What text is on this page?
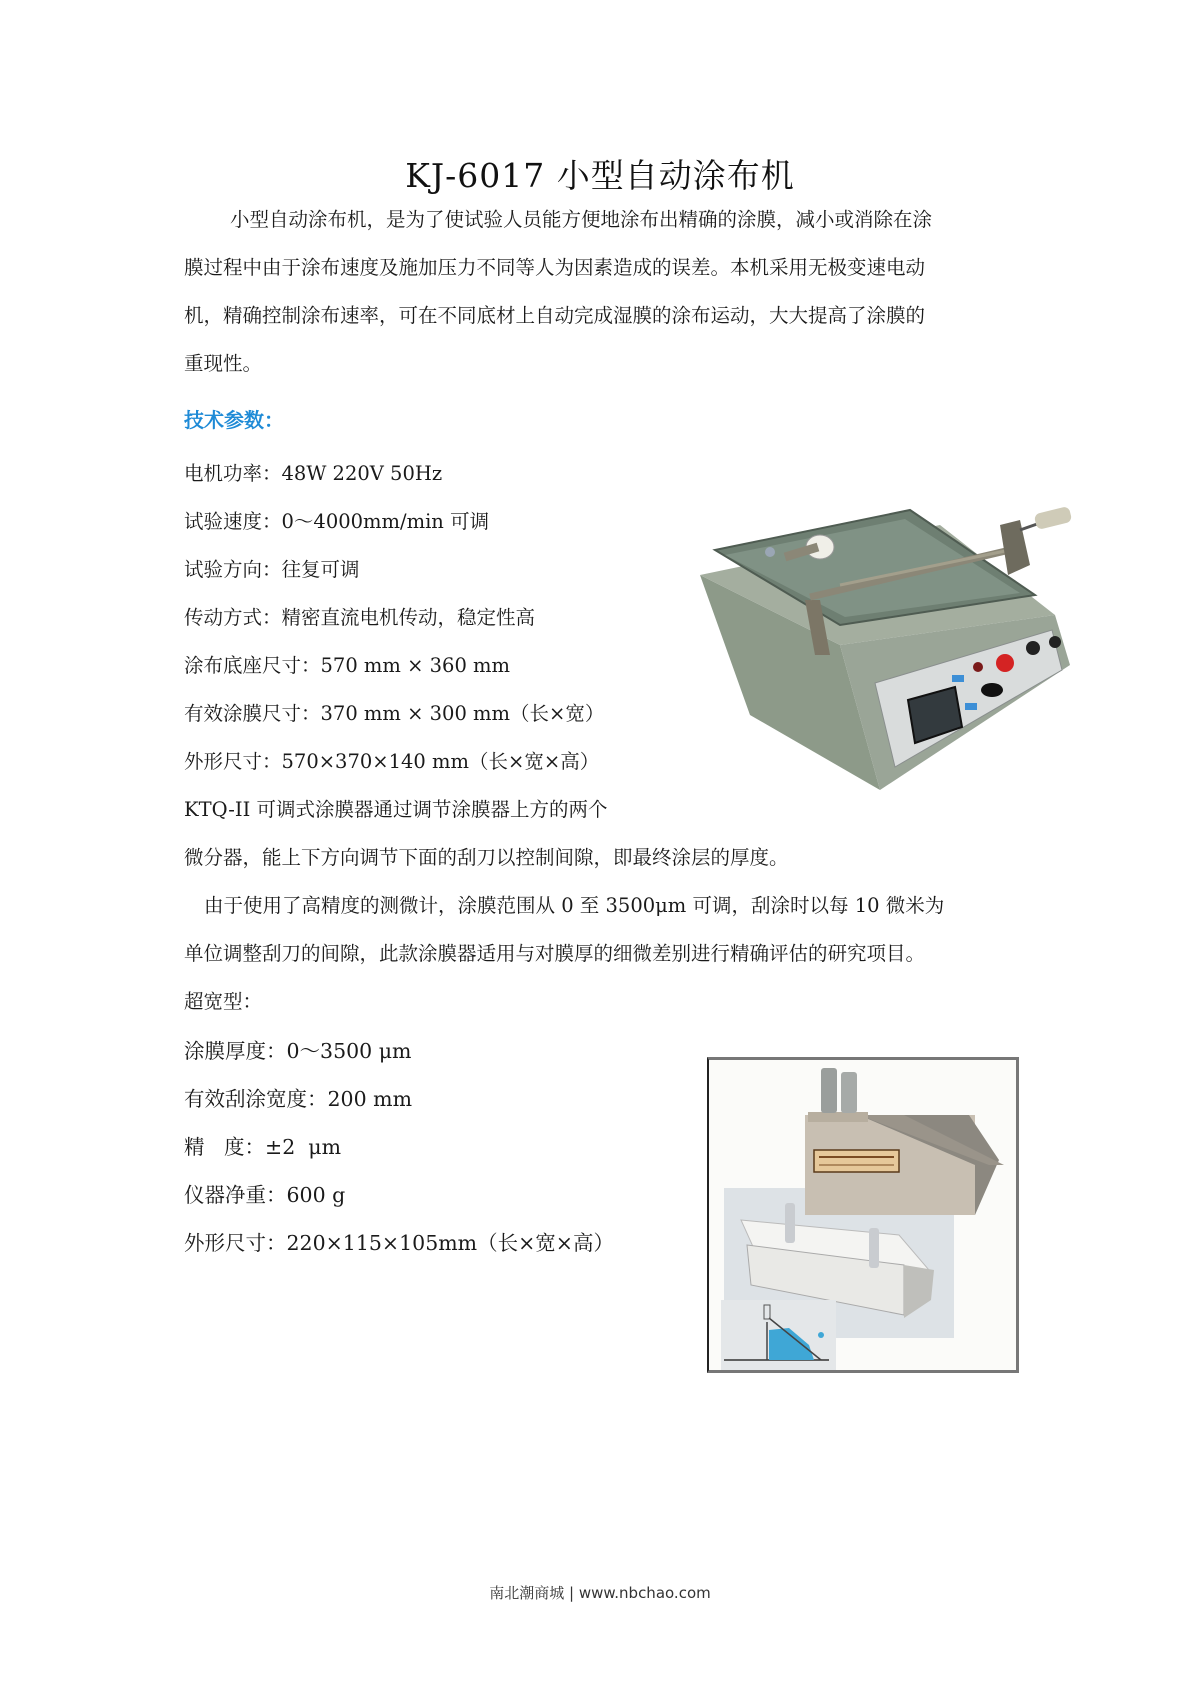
KJ-6017 小型自动涂布机
小型自动涂布机，是为了使试验人员能方便地涂布出精确的涂膜，减小或消除在涂
膜过程中由于涂布速度及施加压力不同等人为因素造成的误差。本机采用无极变速电动
机，精确控制涂布速率，可在不同底材上自动完成湿膜的涂布运动，大大提高了涂膜的
重现性。
技术参数：
电机功率：48W 220V 50Hz
试验速度：0～4000mm/min 可调
试验方向：往复可调
传动方式：精密直流电机传动，稳定性高
涂布底座尺寸：570 mm × 360 mm
有效涂膜尺寸：370 mm × 300 mm（长×宽）
外形尺寸：570×370×140 mm（长×宽×高）
KTQ-II 可调式涂膜器通过调节涂膜器上方的两个
微分器，能上下方向调节下面的刮刀以控制间隙，即最终涂层的厚度。
由于使用了高精度的测微计，涂膜范围从 0 至 3500μm 可调，刮涂时以每 10 微米为
单位调整刮刀的间隙，此款涂膜器适用与对膜厚的细微差别进行精确评估的研究项目。
超宽型：
涂膜厚度：0～3500 μm
有效刮涂宽度：200 mm
精   度：±2  μm
仪器净重：600 g
外形尺寸：220×115×105mm（长×宽×高）
南北潮商城 | www.nbchao.com
